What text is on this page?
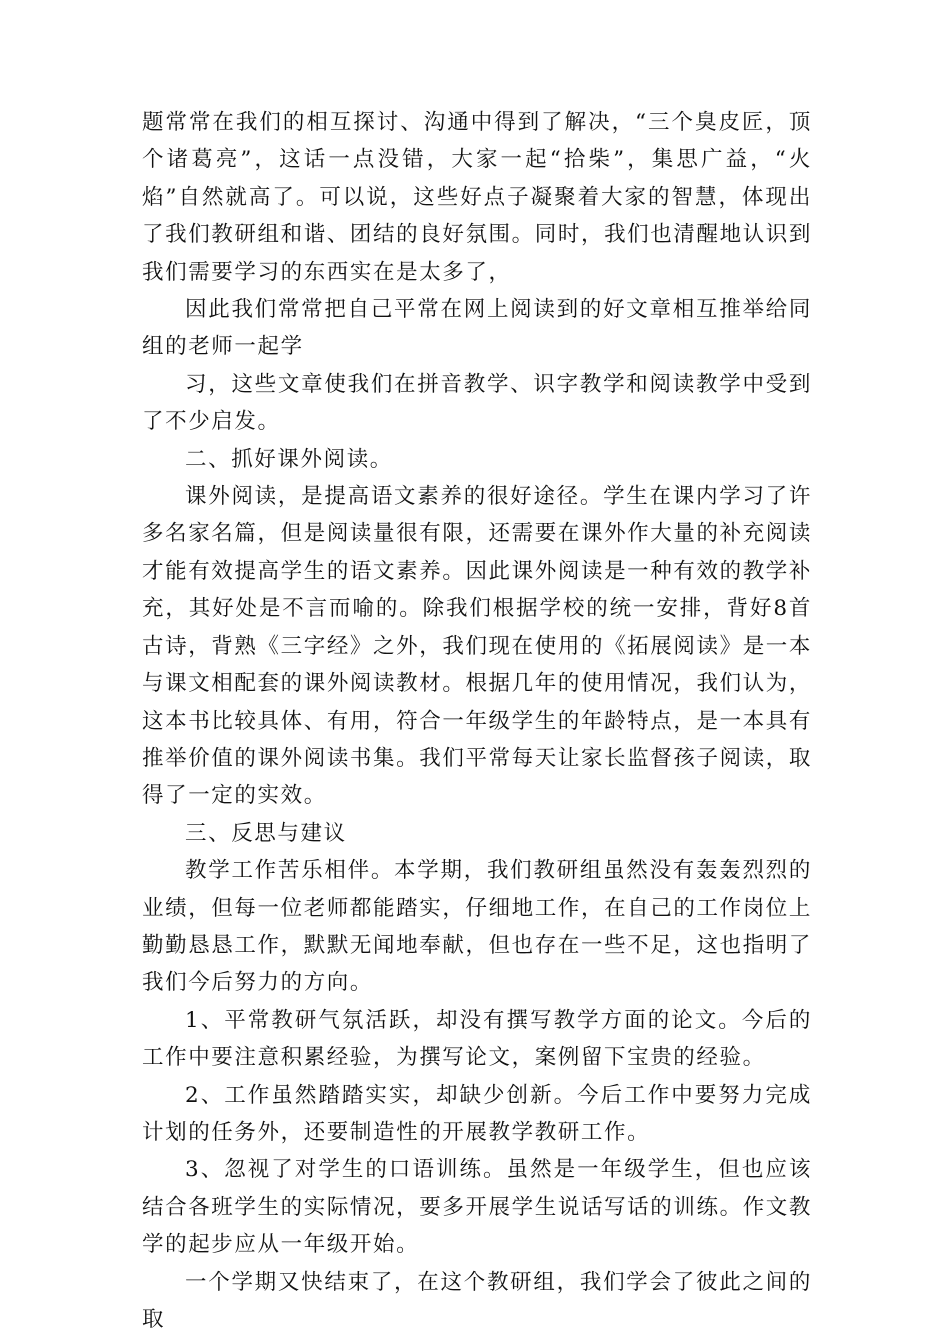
题常常在我们的相互探讨、沟通中得到了解决，“三个臭皮匠，顶个诸葛亮”，这话一点没错，大家一起“拾柴”，集思广益，“火焰”自然就高了。可以说，这些好点子凝聚着大家的智慧，体现出了我们教研组和谐、团结的良好氛围。同时，我们也清醒地认识到我们需要学习的东西实在是太多了，

因此我们常常把自己平常在网上阅读到的好文章相互推举给同组的老师一起学

习，这些文章使我们在拼音教学、识字教学和阅读教学中受到了不少启发。

二、抓好课外阅读。

课外阅读，是提高语文素养的很好途径。学生在课内学习了许多名家名篇，但是阅读量很有限，还需要在课外作大量的补充阅读才能有效提高学生的语文素养。因此课外阅读是一种有效的教学补充，其好处是不言而喻的。除我们根据学校的统一安排，背好8首古诗，背熟《三字经》之外，我们现在使用的《拓展阅读》是一本与课文相配套的课外阅读教材。根据几年的使用情况，我们认为，这本书比较具体、有用，符合一年级学生的年龄特点，是一本具有推举价值的课外阅读书集。我们平常每天让家长监督孩子阅读，取得了一定的实效。

三、反思与建议

教学工作苦乐相伴。本学期，我们教研组虽然没有轰轰烈烈的业绩，但每一位老师都能踏实，仔细地工作，在自己的工作岗位上勤勤恳恳工作，默默无闻地奉献，但也存在一些不足，这也指明了我们今后努力的方向。

1、平常教研气氛活跃，却没有撰写教学方面的论文。今后的工作中要注意积累经验，为撰写论文，案例留下宝贵的经验。

2、工作虽然踏踏实实，却缺少创新。今后工作中要努力完成计划的任务外，还要制造性的开展教学教研工作。

3、忽视了对学生的口语训练。虽然是一年级学生，但也应该结合各班学生的实际情况，要多开展学生说话写话的训练。作文教学的起步应从一年级开始。

一个学期又快结束了，在这个教研组，我们学会了彼此之间的取
